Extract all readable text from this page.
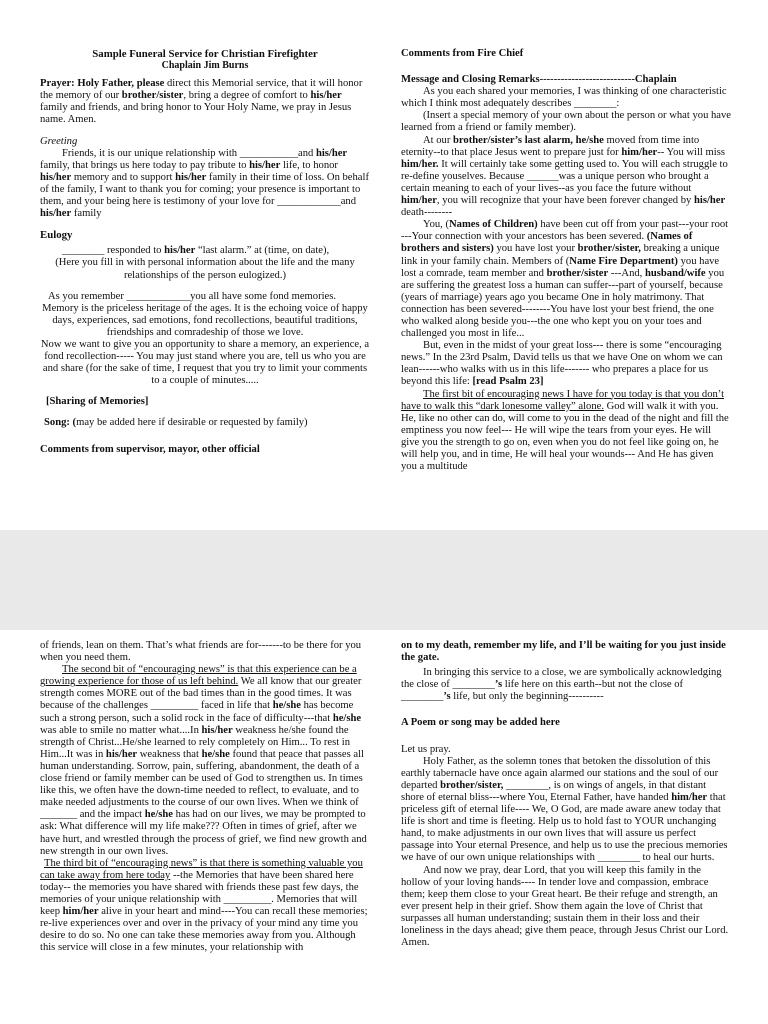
Sample Funeral Service for Christian Firefighter

Chaplain Jim Burns

Prayer: Holy Father, please direct this Memorial service, that it will honor the memory of our brother/sister, bring a degree of comfort to his/her family and friends, and bring honor to Your Holy Name, we pray in Jesus name. Amen.

Greeting

Friends, it is our unique relationship with ___________and his/her family, that brings us here today to pay tribute to his/her life, to honor his/her memory and to support his/her family in their time of loss. On behalf of the family, I want to thank you for coming; your presence is important to them, and your being here is testimony of your love for ____________and his/her family

Eulogy

________ responded to his/her “last alarm.” at (time, on date),

(Here you fill in with personal information about the life and the many relationships of the person eulogized.)

As you remember ____________you all have some fond memories.

Memory is the priceless heritage of the ages. It is the echoing voice of happy days, experiences, sad emotions, fond recollections, beautiful traditions, friendships and comradeship of those we love.

Now we want to give you an opportunity to share a memory, an experience, a fond recollection----- You may just stand where you are, tell us who you are and share (for the sake of time, I request that you try to limit your comments to a couple of minutes.....

[Sharing of Memories]

Song: (may be added here if desirable or requested by family)

Comments from supervisor, mayor, other official

Comments from Fire Chief

Message and Closing Remarks---------------------------Chaplain

As you each shared your memories, I was thinking of one characteristic which I think most adequately describes ________:

(Insert a special memory of your own about the person or what you have learned from a friend or family member).

At our brother/sister’s last alarm, he/she moved from time into eternity--to that place Jesus went to prepare just for him/her-- You will miss him/her. It will certainly take some getting used to. You will each struggle to re-define youselves. Because ______was a unique person who brought a certain meaning to each of your lives--as you face the future without him/her, you will recognize that your have been forever changed by his/her death--------

You, (Names of Children) have been cut off from your past---your root ---Your connection with your ancestors has been severed. (Names of brothers and sisters) you have lost your brother/sister, breaking a unique link in your family chain. Members of (Name Fire Department) you have lost a comrade, team member and brother/sister ---And, husband/wife you are suffering the greatest loss a human can suffer---part of yourself, because (years of marriage) years ago you became One in holy matrimony. That connection has been severed--------You have lost your best friend, the one who walked along beside you---the one who kept you on your toes and challenged you most in life...

But, even in the midst of your great loss--- there is some “encouraging news.” In the 23rd Psalm, David tells us that we have One on whom we can lean------who walks with us in this life------- who prepares a place for us beyond this life: [read Psalm 23]

The first bit of encouraging news I have for you today is that you don’t have to walk this “dark lonesome valley” alone. God will walk it with you. He, like no other can do, will come to you in the dead of the night and fill the emptiness you now feel--- He will wipe the tears from your eyes. He will give you the strength to go on, even when you do not feel like going on, he will help you, and in time, He will heal your wounds--- And He has given you a multitude

of friends, lean on them. That’s what friends are for-------to be there for you when you need them.

The second bit of “encouraging news” is that this experience can be a growing experience for those of us left behind. We all know that our greater strength comes MORE out of the bad times than in the good times. It was because of the challenges _________ faced in life that he/she has become such a strong person, such a solid rock in the face of difficulty---that he/she was able to smile no matter what....In his/her weakness he/she found the strength of Christ...He/she learned to rely completely on Him... To rest in Him...It was in his/her weakness that he/she found that peace that passes all human understanding. Sorrow, pain, suffering, abandonment, the death of a close friend or family member can be used of God to strengthen us. In times like this, we often have the down-time needed to reflect, to evaluate, and to make needed adjustments to the course of our own lives. When we think of _______ and the impact he/she has had on our lives, we may be prompted to ask: What difference will my life make??? Often in times of grief, after we have hurt, and wrestled through the process of grief, we find new growth and new strength in our own lives.

The third bit of “encouraging news” is that there is something valuable you can take away from here today --the Memories that have been shared here today-- the memories you have shared with friends these past few days, the memories of your unique relationship with _________. Memories that will keep him/her alive in your heart and mind----You can recall these memories; re-live experiences over and over in the privacy of your mind any time you desire to do so. No one can take these memories away from you. Although this service will close in a few minutes, your relationship with

on to my death, remember my life, and I’ll be waiting for you just inside the gate.

In bringing this service to a close, we are symbolically acknowledging the close of ________’s life here on this earth--but not the close of ________’s life, but only the beginning----------

A Poem or song may be added here

Let us pray.

Holy Father, as the solemn tones that betoken the dissolution of this earthly tabernacle have once again alarmed our stations and the soul of our departed brother/sister, ________, is on wings of angels, in that distant shore of eternal bliss---where You, Eternal Father, have handed him/her that priceless gift of eternal life---- We, O God, are made aware anew today that life is short and time is fleeting. Help us to hold fast to YOUR unchanging hand, to make adjustments in our own lives that will assure us perfect passage into Your eternal Presence, and help us to use the precious memories we have of our own unique relationships with ________ to heal our hurts.

And now we pray, dear Lord, that you will keep this family in the hollow of your loving hands---- In tender love and compassion, embrace them; keep them close to your Great heart. Be their refuge and strength, an ever present help in their grief. Show them again the love of Christ that surpasses all human understanding; sustain them in their loss and their loneliness in the days ahead; give them peace, through Jesus Christ our Lord. Amen.
